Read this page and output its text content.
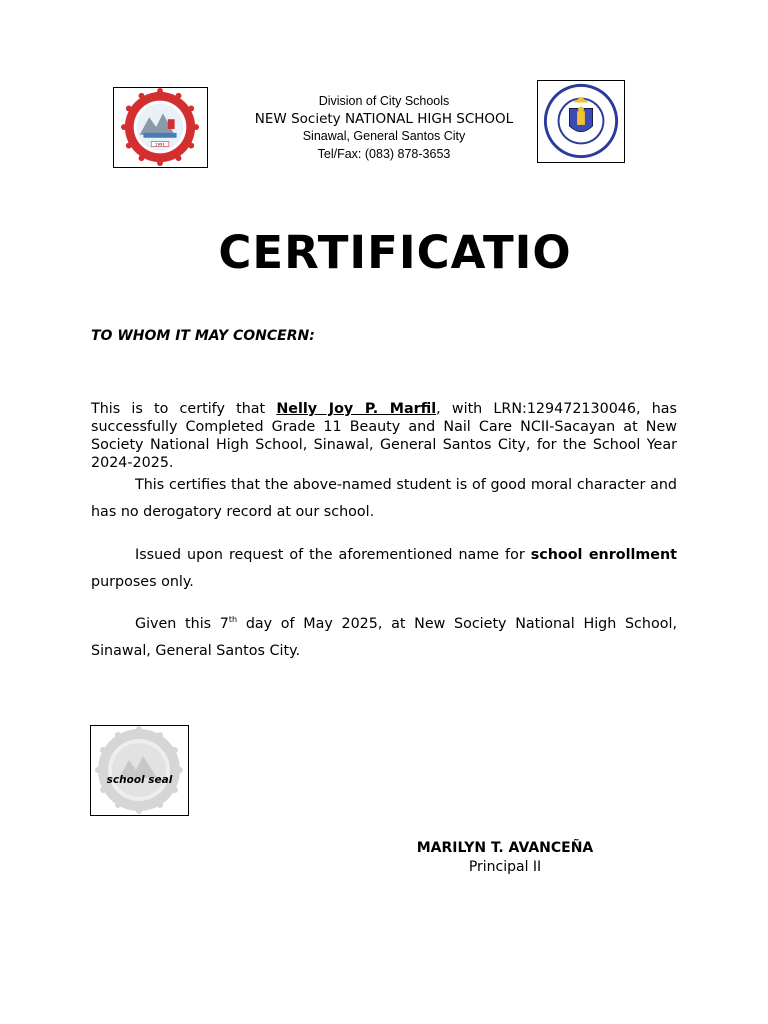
1991
Division of City Schools
NEW Society NATIONAL HIGH SCHOOL
Sinawal, General Santos City
Tel/Fax: (083) 878-3653
CERTIFICATIO
TO WHOM IT MAY CONCERN:
This is to certify that Nelly Joy P. Marfil, with LRN:129472130046, has successfully Completed Grade 11 Beauty and Nail Care NCII-Sacayan at New Society National High School, Sinawal, General Santos City, for the School Year 2024-2025.
This certifies that the above-named student is of good moral character and has no derogatory record at our school.
Issued upon request of the aforementioned name for school enrollment purposes only.
Given this 7th day of May 2025, at New Society National High School, Sinawal, General Santos City.
school seal
MARILYN T. AVANCEÑA
Principal II
